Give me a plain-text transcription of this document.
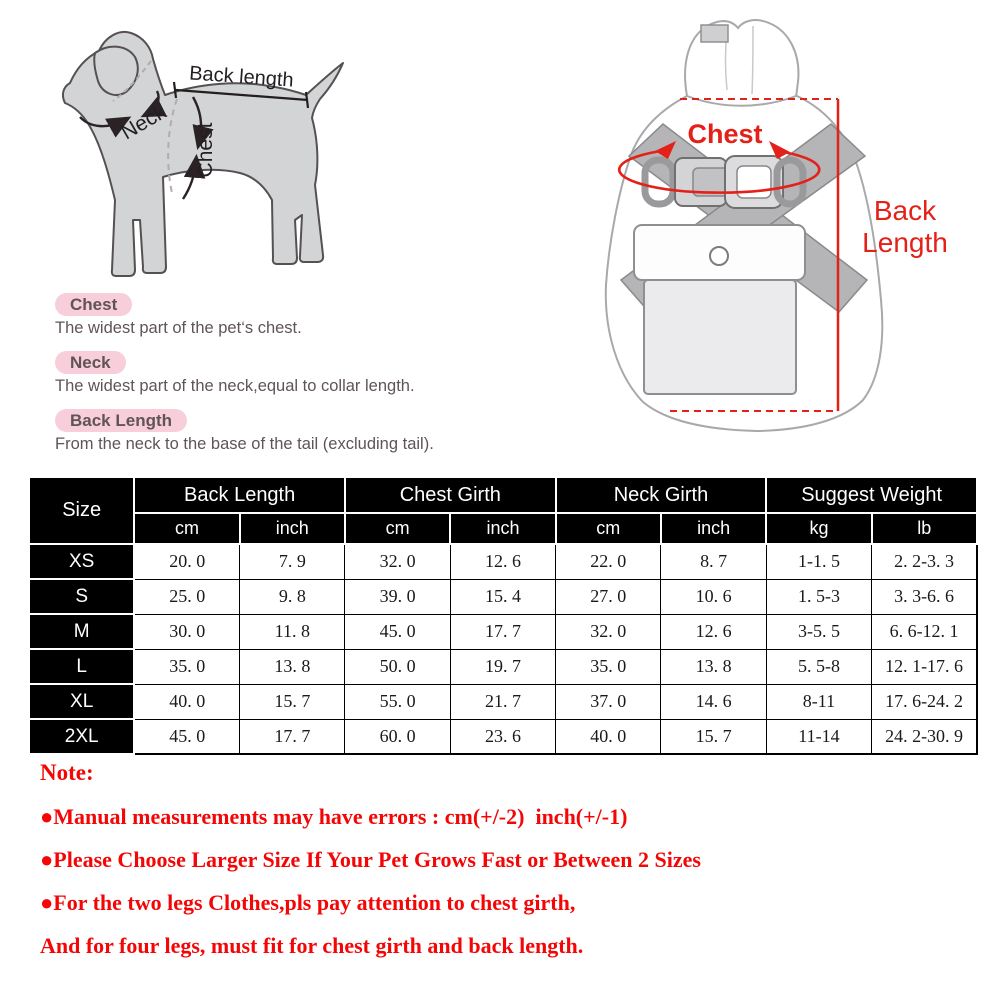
Back length
Neck
Chest	Chest
Back
Length
Chest
The widest part of the pet‘s chest.
Neck
The widest part of the neck,equal to collar length.
Back Length
From the neck to the base of the tail (excluding tail).
Size	Back Length		Chest Girth		Neck Girth		Suggest Weight	
	cm	inch	cm	inch	cm	inch	kg	lb
XS	20. 0	7. 9	32. 0	12. 6	22. 0	8. 7	1-1. 5	2. 2-3. 3
S	25. 0	9. 8	39. 0	15. 4	27. 0	10. 6	1. 5-3	3. 3-6. 6
M	30. 0	11. 8	45. 0	17. 7	32. 0	12. 6	3-5. 5	6. 6-12. 1
L	35. 0	13. 8	50. 0	19. 7	35. 0	13. 8	5. 5-8	12. 1-17. 6
XL	40. 0	15. 7	55. 0	21. 7	37. 0	14. 6	8-11	17. 6-24. 2
2XL	45. 0	17. 7	60. 0	23. 6	40. 0	15. 7	11-14	24. 2-30. 9
Note:
●Manual measurements may have errors : cm(+/-2)  inch(+/-1)
●Please Choose Larger Size If Your Pet Grows Fast or Between 2 Sizes
●For the two legs Clothes,pls pay attention to chest girth,
And for four legs, must fit for chest girth and back length.
